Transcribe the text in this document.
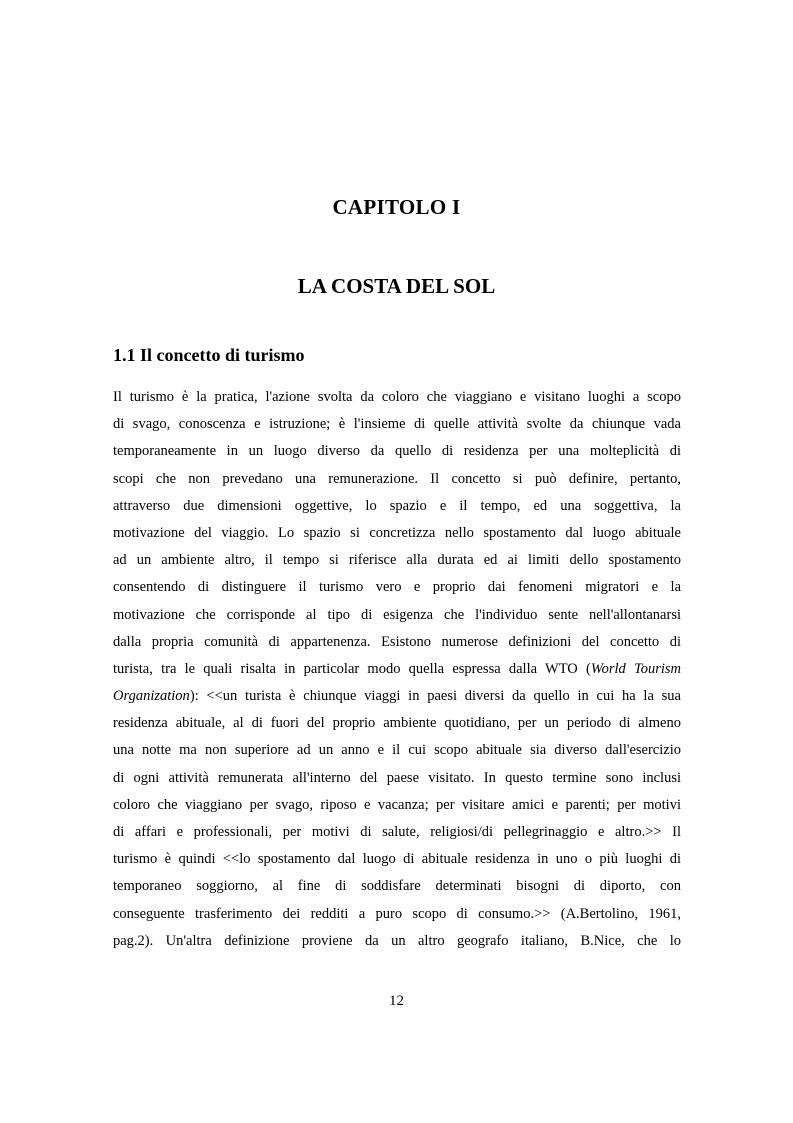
CAPITOLO I
LA COSTA DEL SOL
1.1 Il concetto di turismo
Il turismo è la pratica, l'azione svolta da coloro che viaggiano e visitano luoghi a scopo
di svago, conoscenza e istruzione; è l'insieme di quelle attività svolte da chiunque vada
temporaneamente in un luogo diverso da quello di residenza per una molteplicità di
scopi che non prevedano una remunerazione. Il concetto si può definire, pertanto,
attraverso due dimensioni oggettive, lo spazio e il tempo, ed una soggettiva, la
motivazione del viaggio. Lo spazio si concretizza nello spostamento dal luogo abituale
ad un ambiente altro, il tempo si riferisce alla durata ed ai limiti dello spostamento
consentendo di distinguere il turismo vero e proprio dai fenomeni migratori e la
motivazione che corrisponde al tipo di esigenza che l'individuo sente nell'allontanarsi
dalla propria comunità di appartenenza. Esistono numerose definizioni del concetto di
turista, tra le quali risalta in particolar modo quella espressa dalla WTO (World Tourism
Organization): <<un turista è chiunque viaggi in paesi diversi da quello in cui ha la sua
residenza abituale, al di fuori del proprio ambiente quotidiano, per un periodo di almeno
una notte ma non superiore ad un anno e il cui scopo abituale sia diverso dall'esercizio
di ogni attività remunerata all'interno del paese visitato. In questo termine sono inclusi
coloro che viaggiano per svago, riposo e vacanza; per visitare amici e parenti; per motivi
di affari e professionali, per motivi di salute, religiosi/di pellegrinaggio e altro.>> Il
turismo è quindi <<lo spostamento dal luogo di abituale residenza in uno o più luoghi di
temporaneo soggiorno, al fine di soddisfare determinati bisogni di diporto, con
conseguente trasferimento dei redditi a puro scopo di consumo.>> (A.Bertolino, 1961,
pag.2). Un'altra definizione proviene da un altro geografo italiano, B.Nice, che lo
12
